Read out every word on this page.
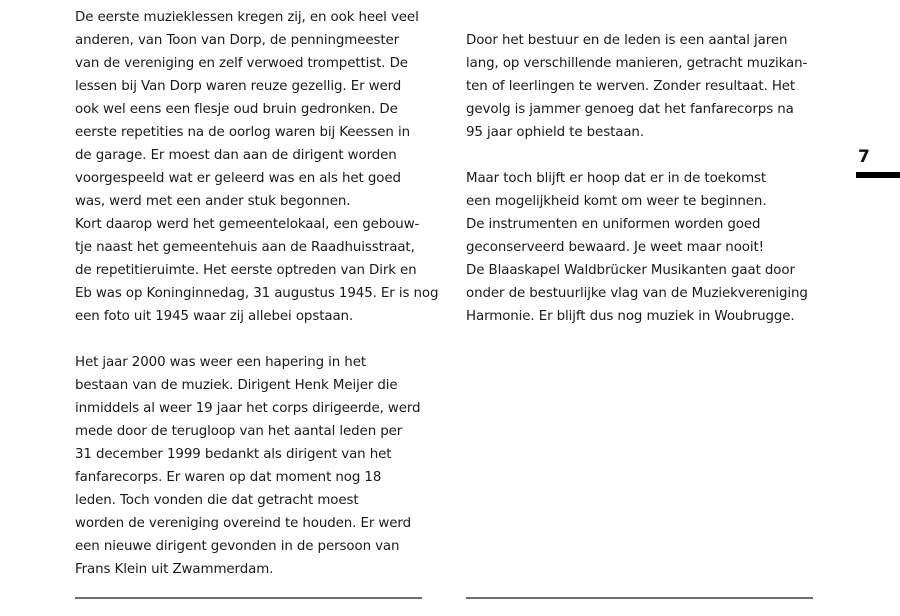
De eerste muzieklessen kregen zij, en ook heel veel
anderen, van Toon van Dorp, de penningmeester
van de vereniging en zelf verwoed trompettist. De
lessen bij Van Dorp waren reuze gezellig. Er werd
ook wel eens een flesje oud bruin gedronken. De
eerste repetities na de oorlog waren bij Keessen in
de garage. Er moest dan aan de dirigent worden
voorgespeeld wat er geleerd was en als het goed
was, werd met een ander stuk begonnen.
Kort daarop werd het gemeentelokaal, een gebouw-
tje naast het gemeentehuis aan de Raadhuisstraat,
de repetitieruimte. Het eerste optreden van Dirk en
Eb was op Koninginnedag, 31 augustus 1945. Er is nog
een foto uit 1945 waar zij allebei opstaan.

Het jaar 2000 was weer een hapering in het
bestaan van de muziek. Dirigent Henk Meijer die
inmiddels al weer 19 jaar het corps dirigeerde, werd
mede door de terugloop van het aantal leden per
31 december 1999 bedankt als dirigent van het
fanfarecorps. Er waren op dat moment nog 18
leden. Toch vonden die dat getracht moest
worden de vereniging overeind te houden. Er werd
een nieuwe dirigent gevonden in de persoon van
Frans Klein uit Zwammerdam.

Door het bestuur en de leden is een aantal jaren
lang, op verschillende manieren, getracht muzikan-
ten of leerlingen te werven. Zonder resultaat. Het
gevolg is jammer genoeg dat het fanfarecorps na
95 jaar ophield te bestaan.

Maar toch blijft er hoop dat er in de toekomst
een mogelijkheid komt om weer te beginnen.
De instrumenten en uniformen worden goed
geconserveerd bewaard. Je weet maar nooit!
De Blaaskapel Waldbrücker Musikanten gaat door
onder de bestuurlijke vlag van de Muziekvereniging
Harmonie. Er blijft dus nog muziek in Woubrugge.

7
